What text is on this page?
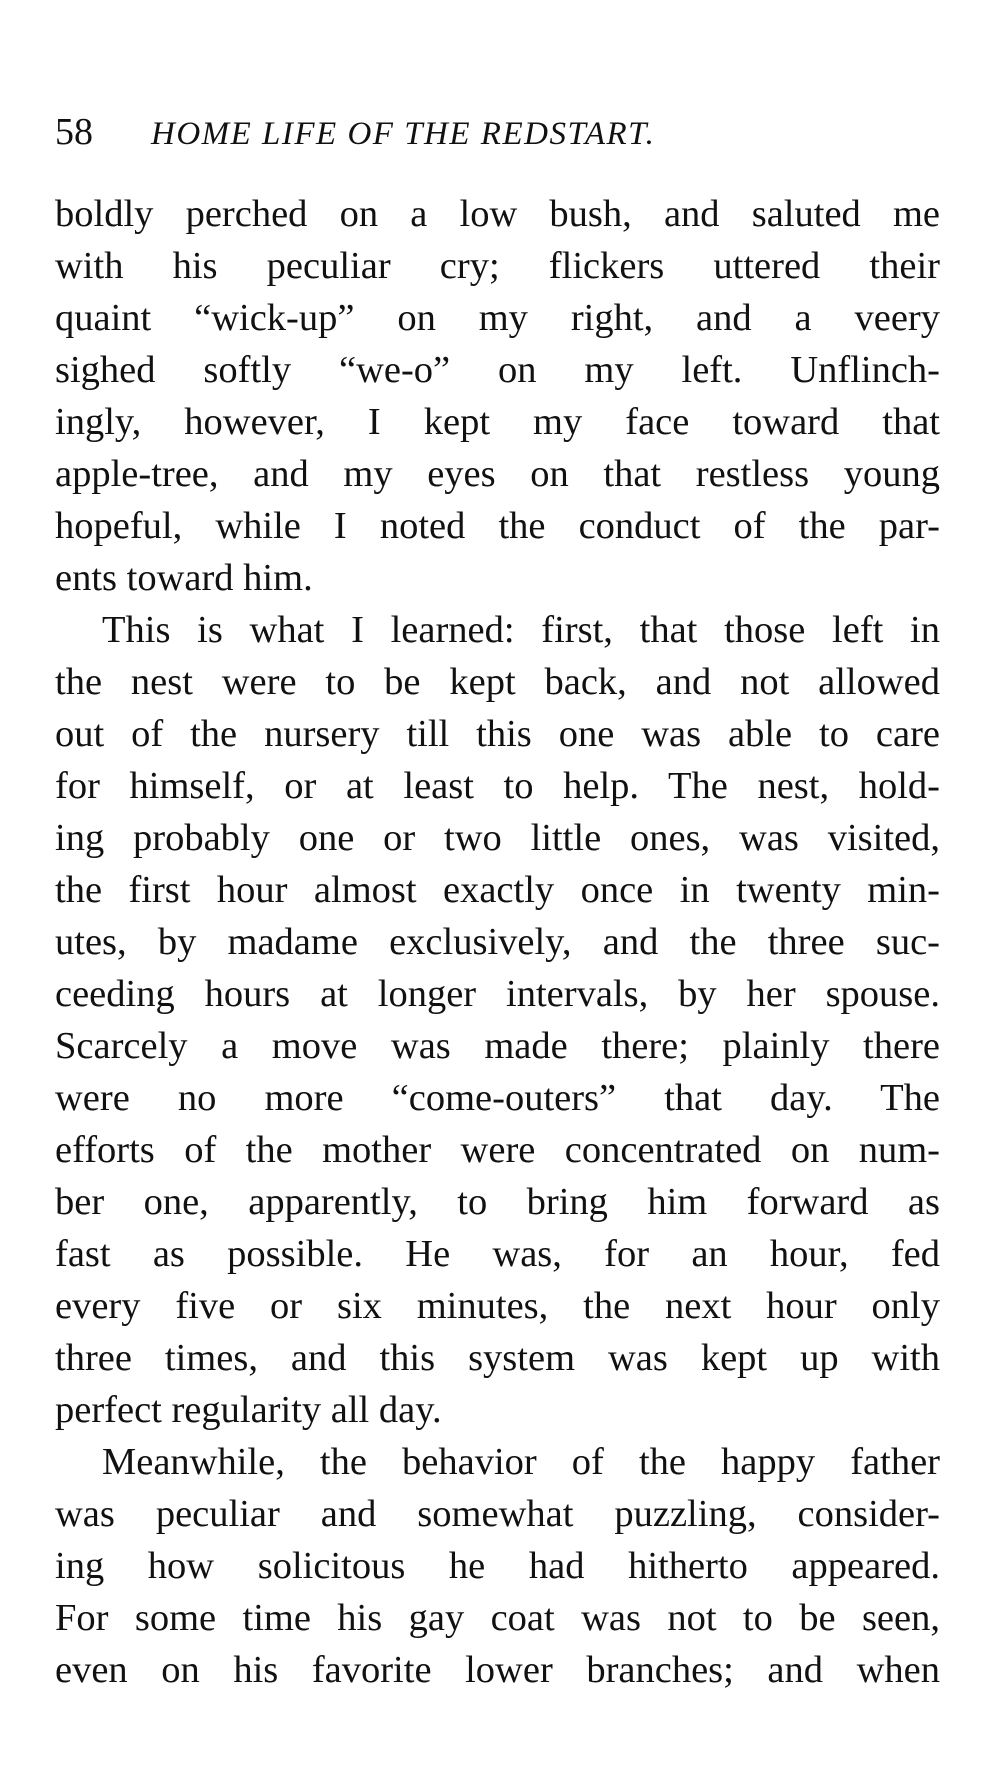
58 HOME LIFE OF THE REDSTART.
boldly perched on a low bush, and saluted me
with his peculiar cry; flickers uttered their
quaint “wick-up” on my right, and a veery
sighed softly “we-o” on my left. Unflinch-
ingly, however, I kept my face toward that
apple-tree, and my eyes on that restless young
hopeful, while I noted the conduct of the par-
ents toward him.
This is what I learned: first, that those left in
the nest were to be kept back, and not allowed
out of the nursery till this one was able to care
for himself, or at least to help. The nest, hold-
ing probably one or two little ones, was visited,
the first hour almost exactly once in twenty min-
utes, by madame exclusively, and the three suc-
ceeding hours at longer intervals, by her spouse.
Scarcely a move was made there; plainly there
were no more “come-outers” that day. The
efforts of the mother were concentrated on num-
ber one, apparently, to bring him forward as
fast as possible. He was, for an hour, fed
every five or six minutes, the next hour only
three times, and this system was kept up with
perfect regularity all day.
Meanwhile, the behavior of the happy father
was peculiar and somewhat puzzling, consider-
ing how solicitous he had hitherto appeared.
For some time his gay coat was not to be seen,
even on his favorite lower branches; and when
